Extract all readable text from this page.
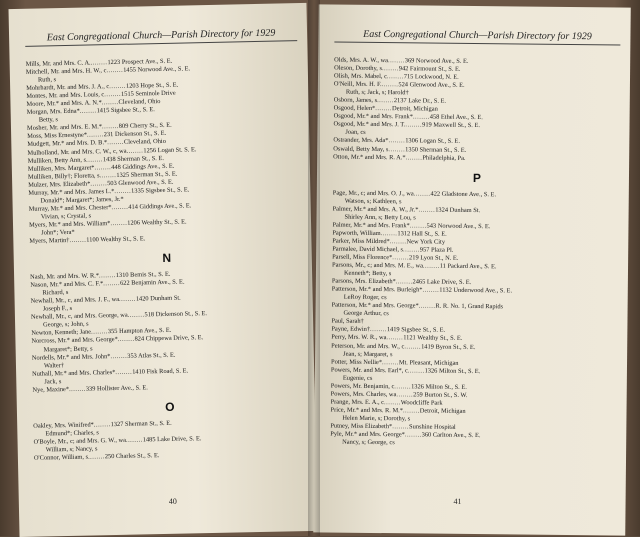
East Congregational Church—Parish Directory for 1929
Mills, Mr. and Mrs. C. A.........1223 Prospect Ave., S. E.
Mitchell, Mr. and Mrs. H. W., c........1455 Norwood Ave., S. E.
Ruth, s
Mohrhardt, Mr. and Mrs. J. A., c........1203 Hope St., S. E.
Montes, Mr. and Mrs. Louis, c........1515 Seminole Drive
Moore, Mr.* and Mrs. A. N.*........Cleveland, Ohio
Morgan, Mrs. Edna*........1415 Sigsbee St., S. E.
Betty, s
Mosher, Mr. and Mrs. E. M.*........809 Cherry St., S. E.
Moss, Miss Ernestyne*........231 Dickenson St., S. E.
Mudgett, Mr.* and Mrs. D. B.*........Cleveland, Ohio
Mulholland, Mr. and Mrs. C. W., c, wa........1256 Logan St. S. E.
Mulliken, Betty Ann, s........1438 Sherman St., S. E.
Mulliken, Mrs. Margaret*........448 Giddings Ave., S. E.
Mulliken, Billy†; Floretta, s........1325 Sherman St., S. E.
Mulzer, Mrs. Elizabeth*........503 Glenwood Ave., S. E.
Murray, Mr.* and Mrs. James L.*........1335 Sigsbee St., S. E.
Donald*; Margaret*; James, Jr.*
Murray, Mr.* and Mrs. Chester*........414 Giddings Ave., S. E.
Vivian, s; Crystal, s
Myers, Mr.* and Mrs. William*........1206 Wealthy St., S. E.
John*; Vera*
Myers, Martin†........1100 Wealthy St., S. E.
N
Nash, Mr. and Mrs. W. R.*........1310 Bemis St., S. E.
Nason, Mr.* and Mrs. C. F.*........622 Benjamin Ave., S. E.
Richard, s
Newhall, Mr., c, and Mrs. J. F., wa........1420 Dunham St.
Joseph F., s
Newhall, Mr., c, and Mrs. George, wa........518 Dickenson St., S. E.
George, s; John, s
Newton, Kenneth; Jane........355 Hampton Ave., S. E.
Norcross, Mr.* and Mrs. George*........824 Chippewa Drive, S. E.
Margaret*; Betty, s
Nordells, Mr.* and Mrs. John*........353 Atlas St., S. E.
Walter†
Nuthall, Mr.* and Mrs. Charles*........1410 Fisk Road, S. E.
Jack, s
Nye, Maxine*........339 Hollister Ave., S. E.
O
Oakley, Mrs. Winifred*........1327 Sherman St., S. E.
Edmund*; Charles, s
O'Boyle, Mr., c; and Mrs. G. W., wa........1485 Lake Drive, S. E.
William, s; Nancy, s
O'Connor, William, s........250 Charles St., S. E.
40
East Congregational Church—Parish Directory for 1929
Olds, Mrs. A. W., wa........369 Norwood Ave., S. E.
Oleson, Dorothy, s........942 Fairmount St., S. E.
Olish, Mrs. Mabel, c........715 Lockwood, N. E.
O'Neill, Mrs. H. F.........524 Glenwood Ave., S. E.
Ruth, s; Jack, s; Harold†
Osborn, James, s........2137 Lake Dr., S. E.
Osgood, Helen*........Detroit, Michigan
Osgood, Mr.* and Mrs. Frank*........458 Ethel Ave., S. E.
Osgood, Mr.* and Mrs. J. T.........919 Maxwell St., S. E.
Joan, cs
Ostrander, Mrs. Ada*........1306 Logan St., S. E.
Oswald, Betty May, s........1350 Sherman St., S. E.
Otton, Mr.* and Mrs. R. A.*........Philadelphia, Pa.
P
Page, Mr., c; and Mrs. O. J., wa........422 Gladstone Ave., S. E.
Watson, s; Kathleen, s
Palmer, Mr.* and Mrs. A. W., Jr.*........1324 Dunham St.
Shirley Ann, s; Betty Lou, s
Palmer, Mr.* and Mrs. Frank*........543 Norwood Ave., S. E.
Papworth, William........1312 Hall St., S. E.
Parker, Miss Mildred*........New York City
Parmalee, David Michael, s........957 Plaza Pl.
Parsell, Miss Florence*........219 Lyon St., N. E.
Parsons, Mr., c; and Mrs. M. E., wa........11 Packard Ave., S. E.
Kenneth*; Betty, s
Parsons, Mrs. Elizabeth*........2465 Lake Drive, S. E.
Patterson, Mr.* and Mrs. Burleigh*........1132 Underwood Ave., S. E.
LeRoy Roger, cs
Patterson, Mr.* and Mrs. George*........R. R. No. 1, Grand Rapids
George Arthur, cs
Paul, Sarah†
Payne, Edwin†........1419 Sigsbee St., S. E.
Perry, Mrs. W. R., wa........1121 Wealthy St., S. E.
Peterson, Mr. and Mrs. W., c........1419 Byron St., S. E.
Jean, s; Margaret, s
Potter, Miss Nellie*........Mt. Pleasant, Michigan
Powers, Mr. and Mrs. Earl*, c........1326 Milton St., S. E.
Eugenie, cs
Powers, Mr. Benjamin, c........1326 Milton St., S. E.
Powers, Mrs. Charles, wa........259 Burton St., S. W.
Prange, Mrs. E. A., c........Woodcliffe Park
Price, Mr.* and Mrs. R. M.*........Detroit, Michigan
Helen Marie, s; Dorothy, s
Putney, Miss Elizabeth*........Sunshine Hospital
Pyle, Mr.* and Mrs. George*........360 Carlton Ave., S. E.
Nancy, s; George, cs
41
